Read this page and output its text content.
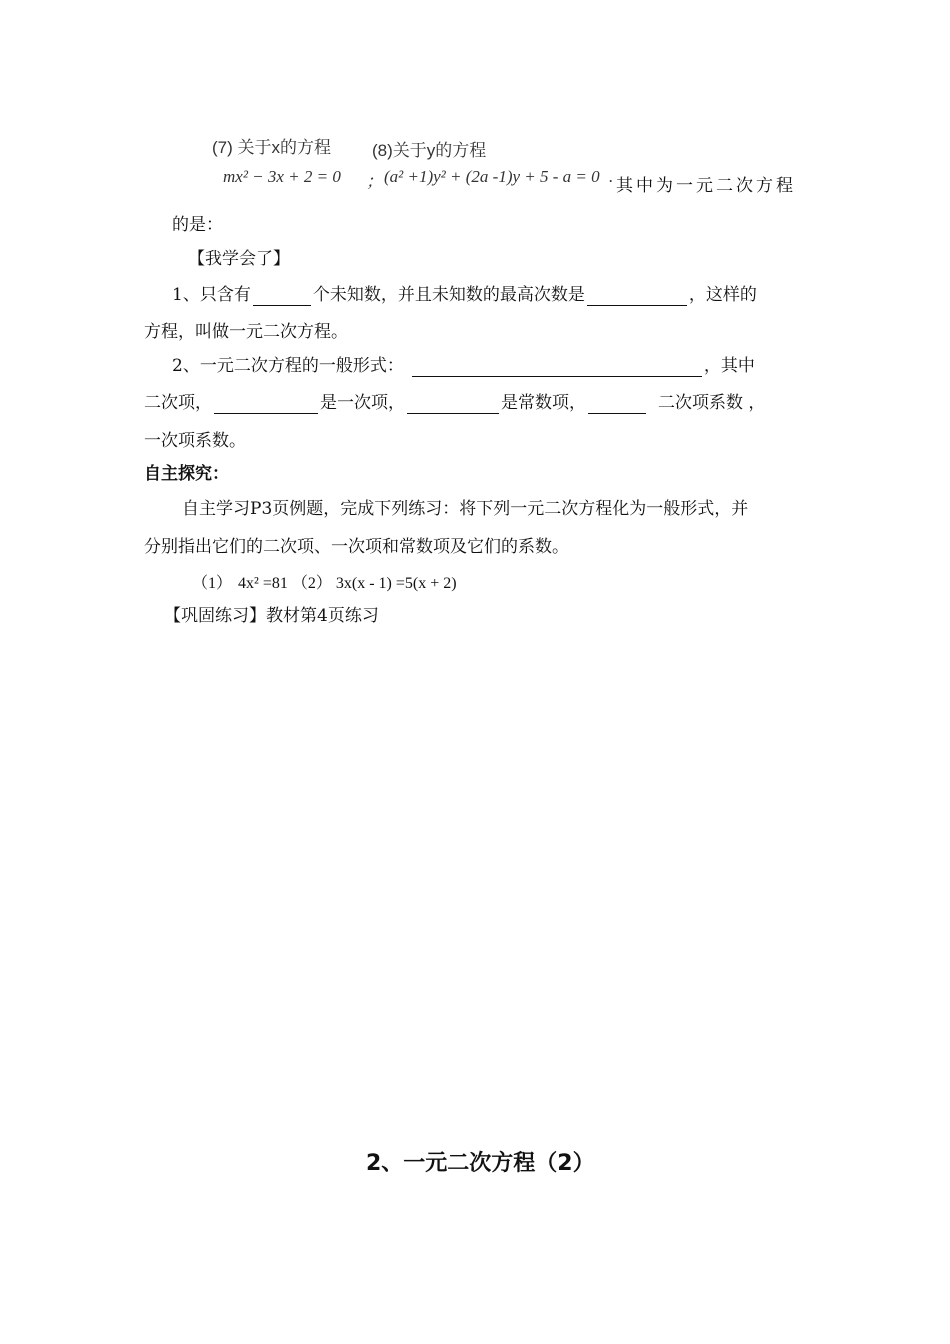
(7) 关于x的方程 (8)关于y的方程
mx² − 3x + 2 = 0 ； (a² +1)y² + (2a -1)y + 5 - a = 0 . 其中为一元二次方程
的是：
【我学会了】
1、只含有	个未知数，并且未知数的最高次数是	，这样的
方程，叫做一元二次方程。
2、一元二次方程的一般形式：	，其中
二次项，	是一次项，	是常数项，	二次项系数 ，
一次项系数。
自主探究：
自主学习P3页例题，完成下列练习：将下列一元二次方程化为一般形式，并
分别指出它们的二次项、一次项和常数项及它们的系数。
（1） 4x² =81 （2） 3x(x - 1) =5(x + 2)
【巩固练习】教材第4页练习
2、一元二次方程（2）
